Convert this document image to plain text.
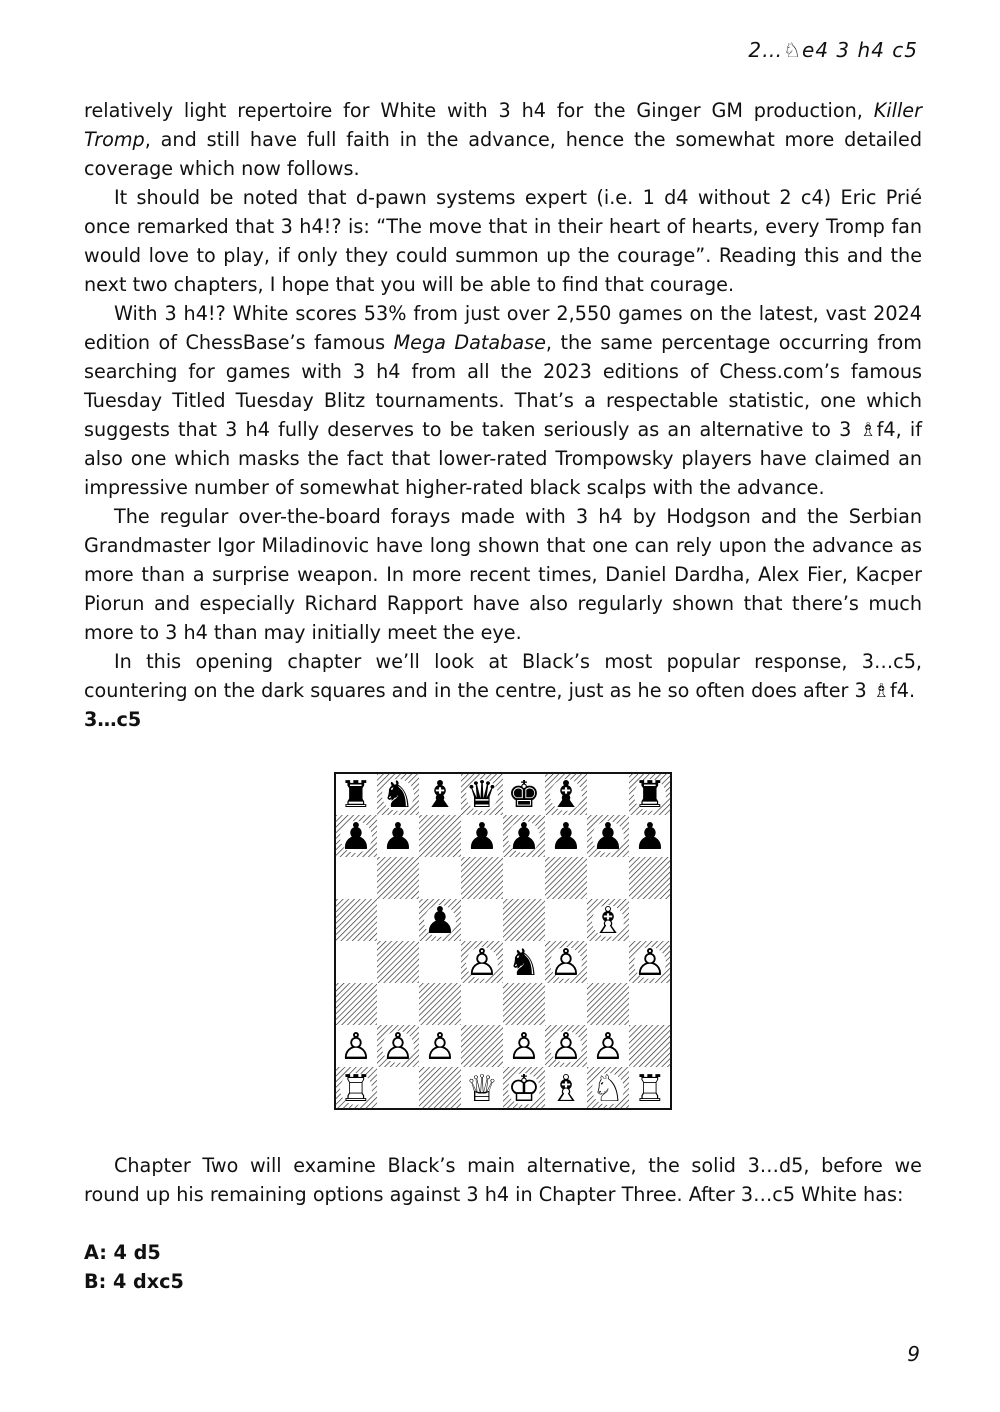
2…♘e4 3 h4 c5

relatively light repertoire for White with 3 h4 for the Ginger GM production, Killer Tromp, and still have full faith in the advance, hence the somewhat more detailed coverage which now follows.

It should be noted that d-pawn systems expert (i.e. 1 d4 without 2 c4) Eric Prié once remarked that 3 h4!? is: “The move that in their heart of hearts, every Tromp fan would love to play, if only they could summon up the courage”. Reading this and the next two chapters, I hope that you will be able to find that courage.

With 3 h4!? White scores 53% from just over 2,550 games on the latest, vast 2024 edition of ChessBase’s famous Mega Database, the same percentage occurring from searching for games with 3 h4 from all the 2023 editions of Chess.com’s famous Tuesday Titled Tuesday Blitz tournaments. That’s a respectable statistic, one which suggests that 3 h4 fully deserves to be taken seriously as an alternative to 3 ♗f4, if also one which masks the fact that lower-rated Trompowsky players have claimed an impressive number of somewhat higher-rated black scalps with the advance.

The regular over-the-board forays made with 3 h4 by Hodgson and the Serbian Grandmaster Igor Miladinovic have long shown that one can rely upon the advance as more than a surprise weapon. In more recent times, Daniel Dardha, Alex Fier, Kacper Piorun and especially Richard Rapport have also regularly shown that there’s much more to 3 h4 than may initially meet the eye.

In this opening chapter we’ll look at Black’s most popular response, 3…c5, countering on the dark squares and in the centre, just as he so often does after 3 ♗f4.

3…c5

♜ ♞ ♝ ♛ ♚ ♝ ♜
♟ ♟ ♟ ♟ ♟ ♟ ♟
♟	♗
♙ ♞ ♙ ♙
♙ ♙ ♙ ♙ ♙ ♙
♖	♕ ♔ ♗ ♘ ♖

Chapter Two will examine Black’s main alternative, the solid 3…d5, before we round up his remaining options against 3 h4 in Chapter Three. After 3…c5 White has:

A: 4 d5
B: 4 dxc5
9
